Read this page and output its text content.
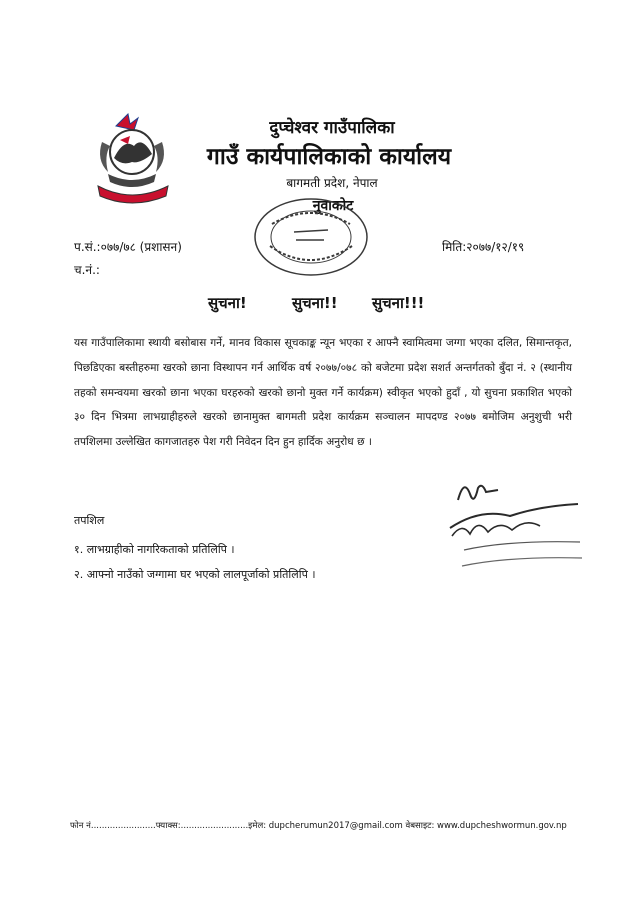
दुप्चेश्वर गाउँपालिका
गाउँ कार्यपालिकाको कार्यालय
बागमती प्रदेश, नेपाल
नुवाकोट
प.सं.:०७७/७८ (प्रशासन)
च.नं.:
मिति:२०७७/१२/१९
सुचना!	सुचना!! सुचना!!!
यस गाउँपालिकामा स्थायी बसोबास गर्ने, मानव विकास सूचकाङ्क न्यून भएका र आफ्नै स्वामित्वमा जग्गा भएका दलित, सिमान्तकृत, पिछडिएका बस्तीहरुमा खरको छाना विस्थापन गर्न आर्थिक वर्ष २०७७/०७८ को बजेटमा प्रदेश सशर्त अन्तर्गतको बुँदा नं. २ (स्थानीय तहको समन्वयमा खरको छाना भएका घरहरुको खरको छानो मुक्त गर्ने कार्यक्रम) स्वीकृत भएको हुदाँ , यो सुचना प्रकाशित भएको ३० दिन भित्रमा लाभग्राहीहरुले खरको छानामुक्त बागमती प्रदेश कार्यक्रम सञ्चालन मापदण्ड २०७७ बमोजिम अनुशुची भरी तपशिलमा उल्लेखित कागजातहरु पेश गरी निवेदन दिन हुन हार्दिक अनुरोध छ ।
तपशिल
१. लाभग्राहीको नागरिकताको प्रतिलिपि ।
२. आफ्नो नाउँको जग्गामा घर भएको लालपूर्जाको प्रतिलिपि ।
फोन नं........................फ्याक्स:.........................इमेल: dupcherumun2017@gmail.com वेबसाइट: www.dupcheshwormun.gov.np
